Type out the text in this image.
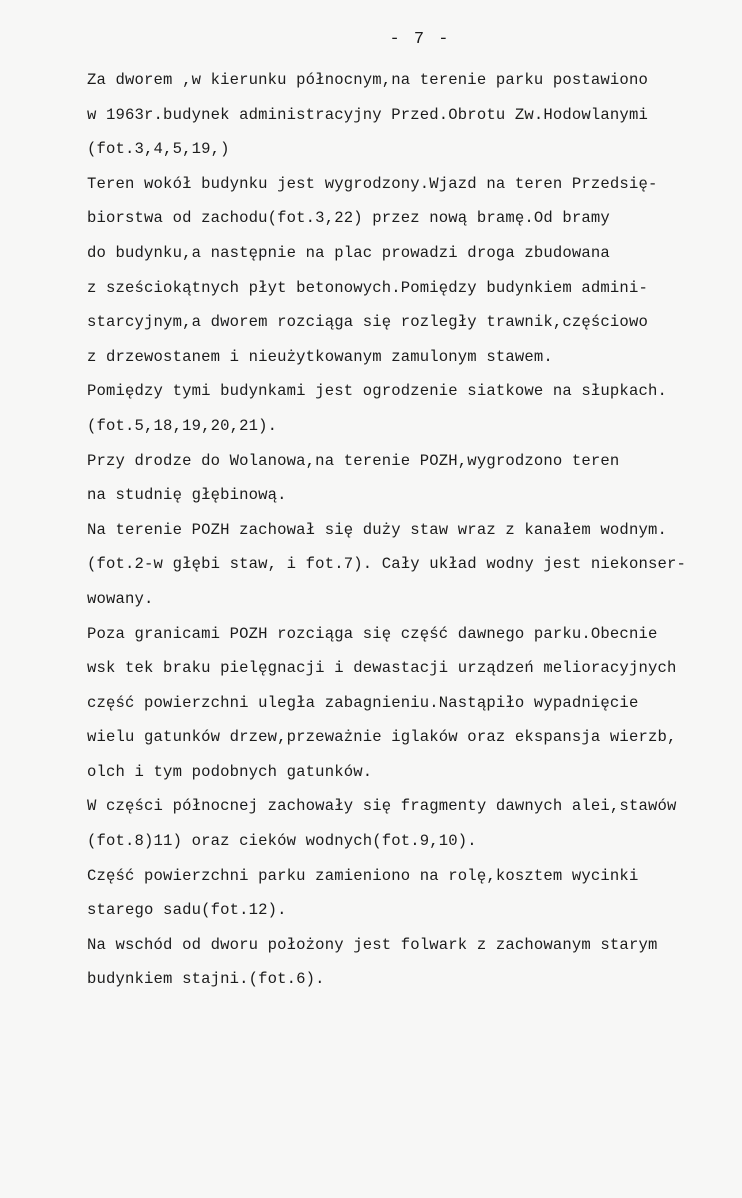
- 7 -
Za dworem ,w kierunku północnym,na terenie parku postawiono
w 1963r.budynek administracyjny Przed.Obrotu Zw.Hodowlanymi
(fot.3,4,5,19,)
Teren wokół budynku jest wygrodzony.Wjazd na teren Przedsię-
biorstwa od zachodu(fot.3,22) przez nową bramę.Od bramy
do budynku,a następnie na plac prowadzi droga zbudowana
z sześciokątnych płyt betonowych.Pomiędzy budynkiem admini-
starcyjnym,a dworem rozciąga się rozległy trawnik,częściowo
z drzewostanem i nieużytkowanym zamulonym stawem.
Pomiędzy tymi budynkami jest ogrodzenie siatkowe na słupkach.
(fot.5,18,19,20,21).
Przy drodze do Wolanowa,na terenie POZH,wygrodzono teren
na studnię głębinową.
Na terenie POZH zachował się duży staw wraz z kanałem wodnym.
(fot.2-w głębi staw, i fot.7). Cały układ wodny jest niekonser-
wowany.
Poza granicami POZH rozciąga się część dawnego parku.Obecnie
wsk tek braku pielęgnacji i dewastacji urządzeń melioracyjnych
część powierzchni uległa zabagnieniu.Nastąpiło wypadnięcie
wielu gatunków drzew,przeważnie iglaków oraz ekspansja wierzb,
olch i tym podobnych gatunków.
W części północnej zachowały się fragmenty dawnych alei,stawów
(fot.8)11) oraz cieków wodnych(fot.9,10).
Część powierzchni parku zamieniono na rolę,kosztem wycinki
starego sadu(fot.12).
Na wschód od dworu położony jest folwark z zachowanym starym
budynkiem stajni.(fot.6).
